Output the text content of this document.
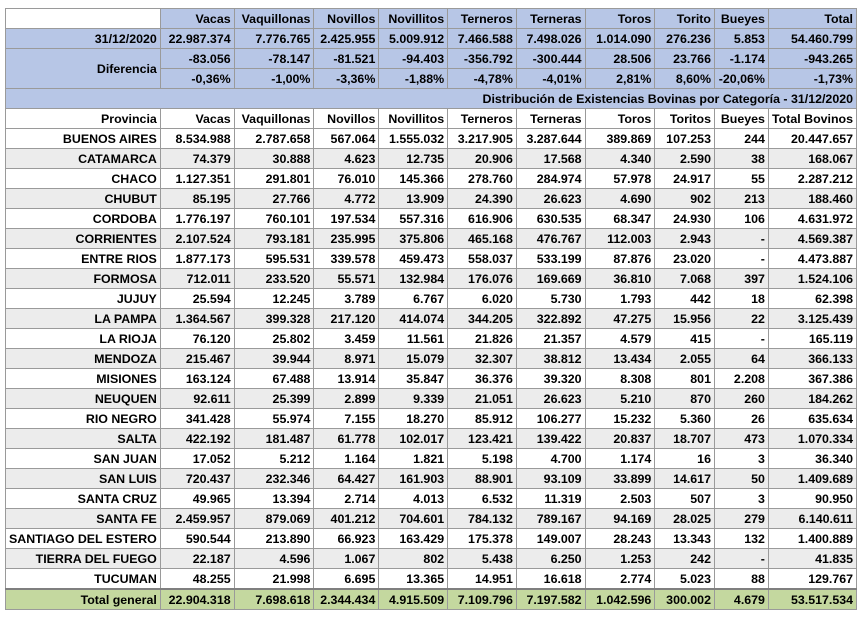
	Vacas	Vaquillonas	Novillos	Novillitos	Terneros	Terneras	Toros	Torito	Bueyes	Total
31/12/2020	22.987.374	7.776.765	2.425.955	5.009.912	7.466.588	7.498.026	1.014.090	276.236	5.853	54.460.799
Diferencia	-83.056	-78.147	-81.521	-94.403	-356.792	-300.444	28.506	23.766	-1.174	-943.265
	-0,36%	-1,00%	-3,36%	-1,88%	-4,78%	-4,01%	2,81%	8,60%	-20,06%	-1,73%
Distribución de Existencias Bovinas por Categoría - 31/12/2020										
Provincia	Vacas	Vaquillonas	Novillos	Novillitos	Terneros	Terneras	Toros	Toritos	Bueyes	Total Bovinos
BUENOS AIRES	8.534.988	2.787.658	567.064	1.555.032	3.217.905	3.287.644	389.869	107.253	244	20.447.657
CATAMARCA	74.379	30.888	4.623	12.735	20.906	17.568	4.340	2.590	38	168.067
CHACO	1.127.351	291.801	76.010	145.366	278.760	284.974	57.978	24.917	55	2.287.212
CHUBUT	85.195	27.766	4.772	13.909	24.390	26.623	4.690	902	213	188.460
CORDOBA	1.776.197	760.101	197.534	557.316	616.906	630.535	68.347	24.930	106	4.631.972
CORRIENTES	2.107.524	793.181	235.995	375.806	465.168	476.767	112.003	2.943	-	4.569.387
ENTRE RIOS	1.877.173	595.531	339.578	459.473	558.037	533.199	87.876	23.020	-	4.473.887
FORMOSA	712.011	233.520	55.571	132.984	176.076	169.669	36.810	7.068	397	1.524.106
JUJUY	25.594	12.245	3.789	6.767	6.020	5.730	1.793	442	18	62.398
LA PAMPA	1.364.567	399.328	217.120	414.074	344.205	322.892	47.275	15.956	22	3.125.439
LA RIOJA	76.120	25.802	3.459	11.561	21.826	21.357	4.579	415	-	165.119
MENDOZA	215.467	39.944	8.971	15.079	32.307	38.812	13.434	2.055	64	366.133
MISIONES	163.124	67.488	13.914	35.847	36.376	39.320	8.308	801	2.208	367.386
NEUQUEN	92.611	25.399	2.899	9.339	21.051	26.623	5.210	870	260	184.262
RIO NEGRO	341.428	55.974	7.155	18.270	85.912	106.277	15.232	5.360	26	635.634
SALTA	422.192	181.487	61.778	102.017	123.421	139.422	20.837	18.707	473	1.070.334
SAN JUAN	17.052	5.212	1.164	1.821	5.198	4.700	1.174	16	3	36.340
SAN LUIS	720.437	232.346	64.427	161.903	88.901	93.109	33.899	14.617	50	1.409.689
SANTA CRUZ	49.965	13.394	2.714	4.013	6.532	11.319	2.503	507	3	90.950
SANTA FE	2.459.957	879.069	401.212	704.601	784.132	789.167	94.169	28.025	279	6.140.611
SANTIAGO DEL ESTERO	590.544	213.890	66.923	163.429	175.378	149.007	28.243	13.343	132	1.400.889
TIERRA DEL FUEGO	22.187	4.596	1.067	802	5.438	6.250	1.253	242	-	41.835
TUCUMAN	48.255	21.998	6.695	13.365	14.951	16.618	2.774	5.023	88	129.767
Total general	22.904.318	7.698.618	2.344.434	4.915.509	7.109.796	7.197.582	1.042.596	300.002	4.679	53.517.534
